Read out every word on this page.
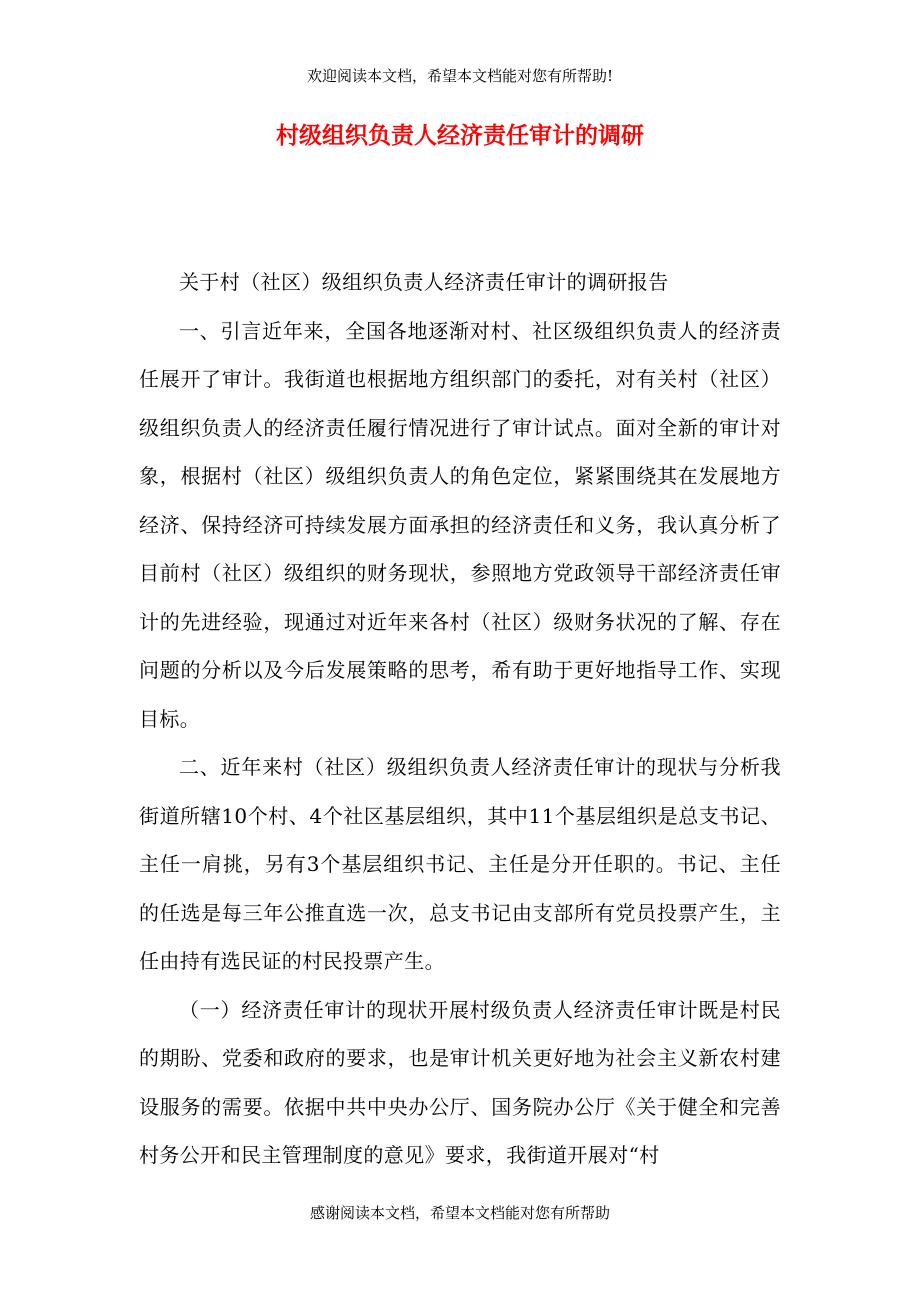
欢迎阅读本文档，希望本文档能对您有所帮助!
村级组织负责人经济责任审计的调研

关于村（社区）级组织负责人经济责任审计的调研报告

一、引言近年来，全国各地逐渐对村、社区级组织负责人的经济责任展开了审计。我街道也根据地方组织部门的委托，对有关村（社区）级组织负责人的经济责任履行情况进行了审计试点。面对全新的审计对象，根据村（社区）级组织负责人的角色定位，紧紧围绕其在发展地方经济、保持经济可持续发展方面承担的经济责任和义务，我认真分析了目前村（社区）级组织的财务现状，参照地方党政领导干部经济责任审计的先进经验，现通过对近年来各村（社区）级财务状况的了解、存在问题的分析以及今后发展策略的思考，希有助于更好地指导工作、实现目标。

二、近年来村（社区）级组织负责人经济责任审计的现状与分析我街道所辖10个村、4个社区基层组织，其中11个基层组织是总支书记、主任一肩挑，另有3个基层组织书记、主任是分开任职的。书记、主任的任选是每三年公推直选一次，总支书记由支部所有党员投票产生，主任由持有选民证的村民投票产生。

（一）经济责任审计的现状开展村级负责人经济责任审计既是村民的期盼、党委和政府的要求，也是审计机关更好地为社会主义新农村建设服务的需要。依据中共中央办公厅、国务院办公厅《关于健全和完善村务公开和民主管理制度的意见》要求，我街道开展对“村

感谢阅读本文档，希望本文档能对您有所帮助
